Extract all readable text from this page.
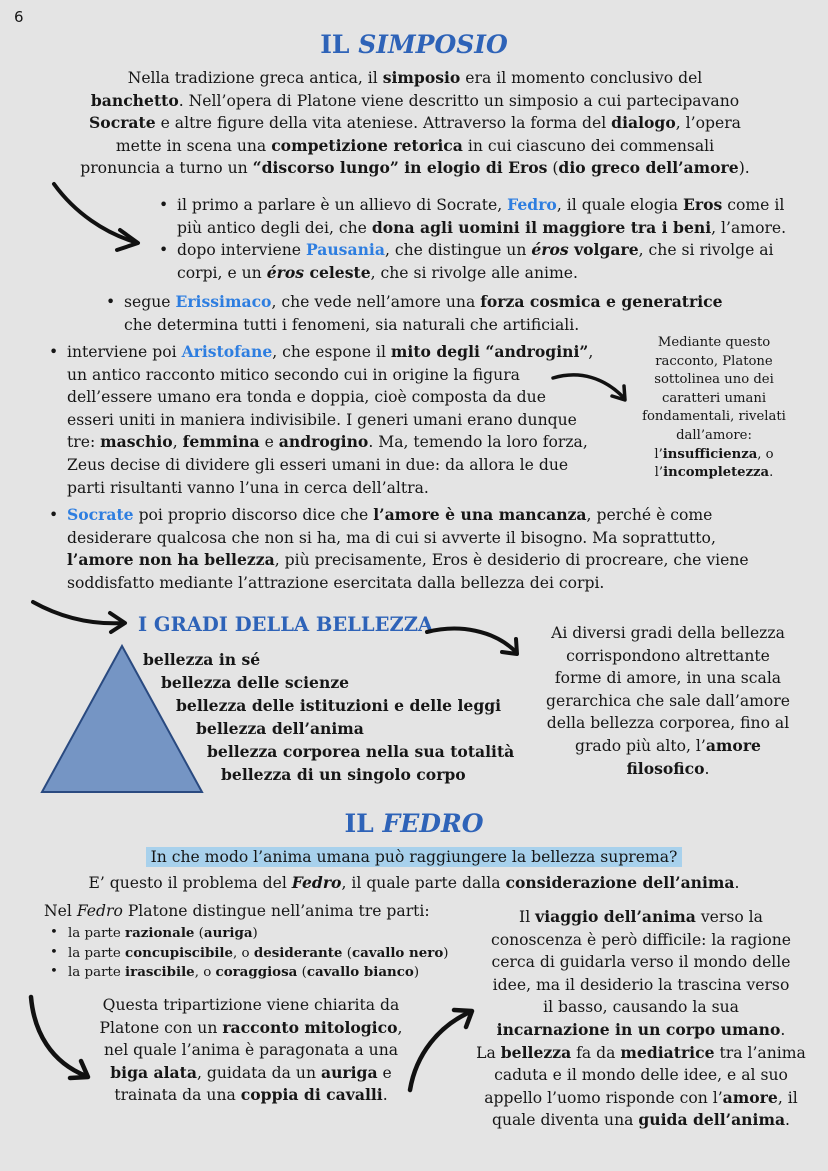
6
IL SIMPOSIO
Nella tradizione greca antica, il simposio era il momento conclusivo del
banchetto. Nell’opera di Platone viene descritto un simposio a cui partecipavano
Socrate e altre figure della vita ateniese. Attraverso la forma del dialogo, l’opera
mette in scena una competizione retorica in cui ciascuno dei commensali
pronuncia a turno un “discorso lungo” in elogio di Eros (dio greco dell’amore).
• il primo a parlare è un allievo di Socrate, Fedro, il quale elogia Eros come il
più antico degli dei, che dona agli uomini il maggiore tra i beni, l’amore.
• dopo interviene Pausania, che distingue un éros volgare, che si rivolge ai
corpi, e un éros celeste, che si rivolge alle anime.
• segue Erissimaco, che vede nell’amore una forza cosmica e generatrice
che determina tutti i fenomeni, sia naturali che artificiali.
• interviene poi Aristofane, che espone il mito degli “androgini”,
un antico racconto mitico secondo cui in origine la figura
dell’essere umano era tonda e doppia, cioè composta da due
esseri uniti in maniera indivisibile. I generi umani erano dunque
tre: maschio, femmina e androgino. Ma, temendo la loro forza,
Zeus decise di dividere gli esseri umani in due: da allora le due
parti risultanti vanno l’una in cerca dell’altra.
Mediante questo
racconto, Platone
sottolinea uno dei
caratteri umani
fondamentali, rivelati
dall’amore:
l’insufficienza, o
l’incompletezza.
• Socrate poi proprio discorso dice che l’amore è una mancanza, perché è come
desiderare qualcosa che non si ha, ma di cui si avverte il bisogno. Ma soprattutto,
l’amore non ha bellezza, più precisamente, Eros è desiderio di procreare, che viene
soddisfatto mediante l’attrazione esercitata dalla bellezza dei corpi.
I GRADI DELLA BELLEZZA
bellezza in sé
bellezza delle scienze
bellezza delle istituzioni e delle leggi
bellezza dell’anima
bellezza corporea nella sua totalità
bellezza di un singolo corpo
Ai diversi gradi della bellezza
corrispondono altrettante
forme di amore, in una scala
gerarchica che sale dall’amore
della bellezza corporea, fino al
grado più alto, l’amore
filosofico.
IL FEDRO
In che modo l’anima umana può raggiungere la bellezza suprema?
E’ questo il problema del Fedro, il quale parte dalla considerazione dell’anima.
Nel Fedro Platone distingue nell’anima tre parti:
• la parte razionale (auriga)
• la parte concupiscibile, o desiderante (cavallo nero)
• la parte irascibile, o coraggiosa (cavallo bianco)
Questa tripartizione viene chiarita da
Platone con un racconto mitologico,
nel quale l’anima è paragonata a una
biga alata, guidata da un auriga e
trainata da una coppia di cavalli.
Il viaggio dell’anima verso la
conoscenza è però difficile: la ragione
cerca di guidarla verso il mondo delle
idee, ma il desiderio la trascina verso
il basso, causando la sua
incarnazione in un corpo umano.
La bellezza fa da mediatrice tra l’anima
caduta e il mondo delle idee, e al suo
appello l’uomo risponde con l’amore, il
quale diventa una guida dell’anima.
